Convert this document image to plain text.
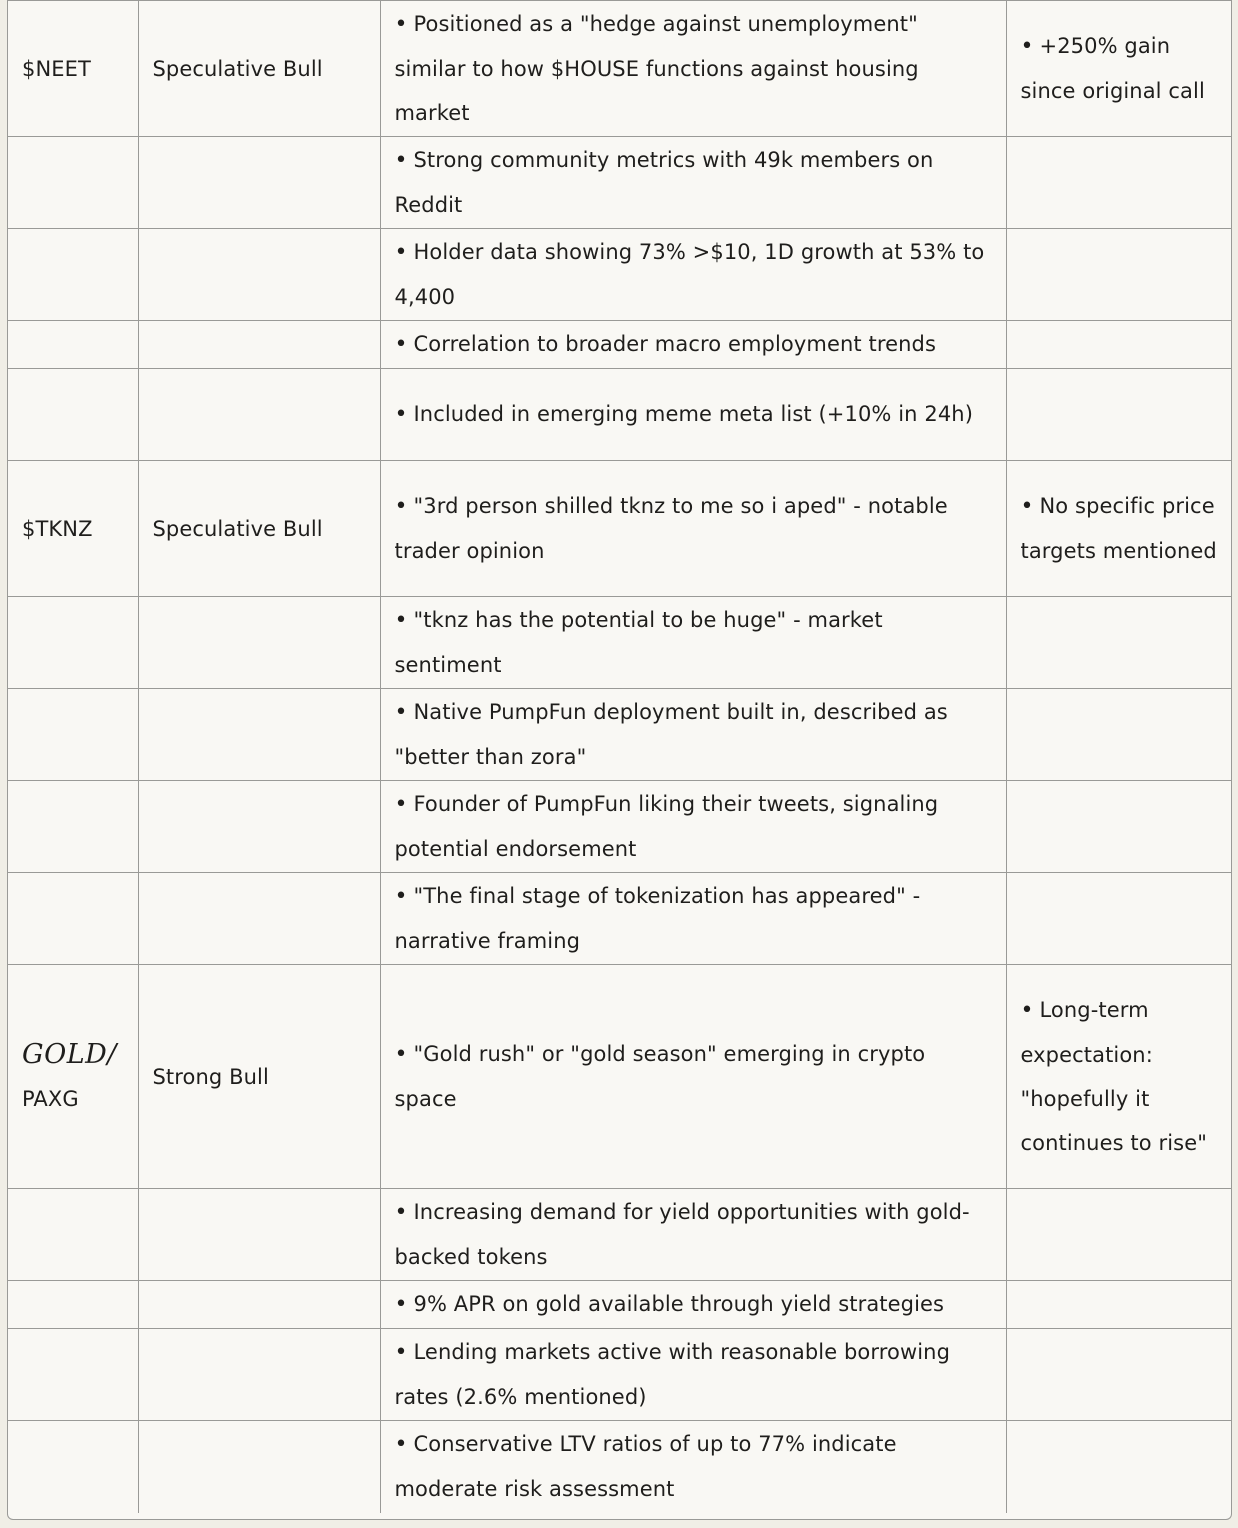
$NEET	Speculative Bull	• Positioned as a "hedge against unemployment" similar to how $HOUSE functions against housing market	• +250% gain since original call
		• Strong community metrics with 49k members on Reddit	
		• Holder data showing 73% >$10, 1D growth at 53% to 4,400	
		• Correlation to broader macro employment trends	
		• Included in emerging meme meta list (+10% in 24h)	
$TKNZ	Speculative Bull	• "3rd person shilled tknz to me so i aped" - notable trader opinion	• No specific price targets mentioned
		• "tknz has the potential to be huge" - market sentiment	
		• Native PumpFun deployment built in, described as "better than zora"	
		• Founder of PumpFun liking their tweets, signaling potential endorsement	
		• "The final stage of tokenization has appeared" - narrative framing	

GOLD/
PAXG	Strong Bull	• "Gold rush" or "gold season" emerging in crypto space	• Long-term expectation: "hopefully it continues to rise"
		• Increasing demand for yield opportunities with gold-backed tokens	
		• 9% APR on gold available through yield strategies	
		• Lending markets active with reasonable borrowing rates (2.6% mentioned)	
		• Conservative LTV ratios of up to 77% indicate moderate risk assessment	
